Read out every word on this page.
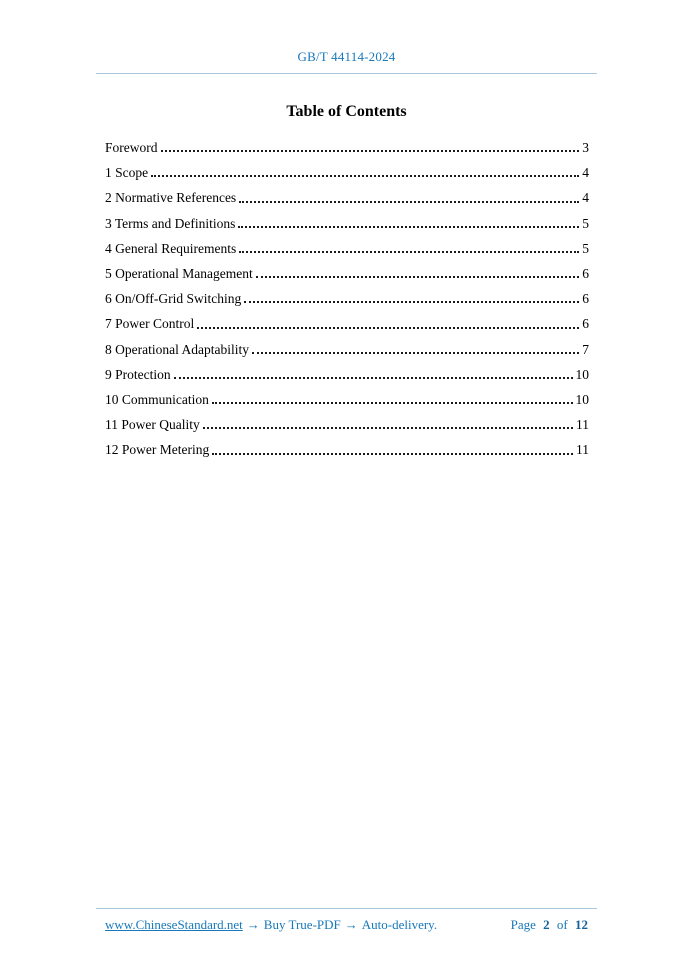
GB/T 44114-2024
Table of Contents
Foreword	3
1 Scope	4
2 Normative References	4
3 Terms and Definitions	5
4 General Requirements	5
5 Operational Management	6
6 On/Off-Grid Switching	6
7 Power Control	6
8 Operational Adaptability	7
9 Protection	10
10 Communication	10
11 Power Quality	11
12 Power Metering	11
www.ChineseStandard.net → Buy True-PDF → Auto-delivery.	Page 2 of 12
